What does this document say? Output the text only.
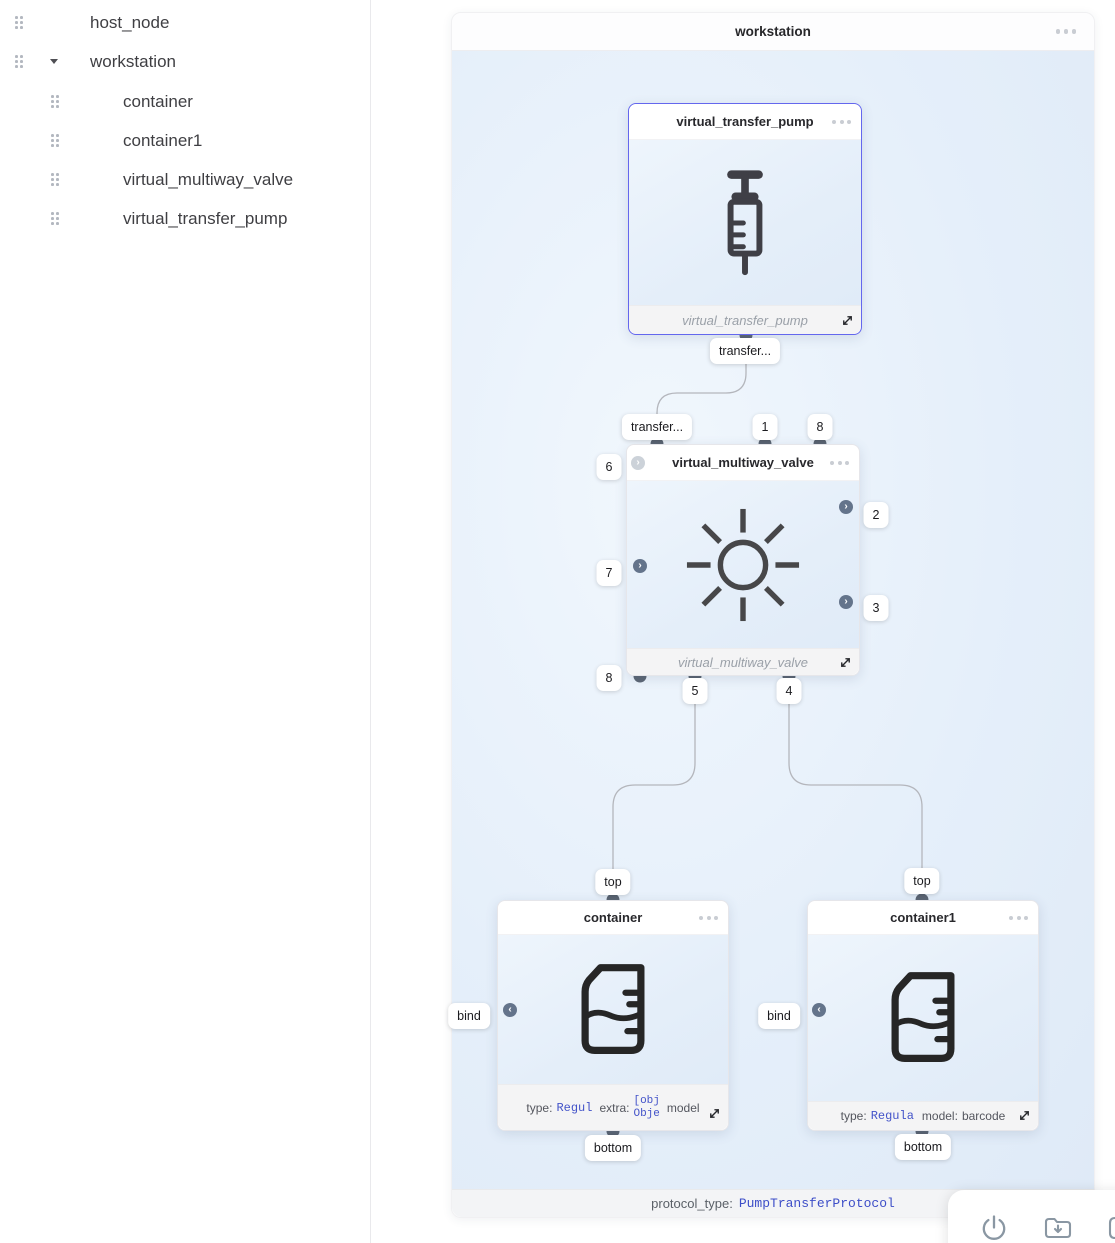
host_node
workstation
container
container1
virtual_multiway_valve
virtual_transfer_pump
workstation
protocol_type: PumpTransferProtocol
virtual_transfer_pump
virtual_transfer_pump
virtual_multiway_valve
virtual_multiway_valve
›
›
›
›
container
type: Regul extra: [obj
Obje model
‹
container1
type: Regula model: barcode
‹
transfer...
transfer...	1	8
6
7
8
2
3
5	4
top	top
bind	bind
bottom	bottom
